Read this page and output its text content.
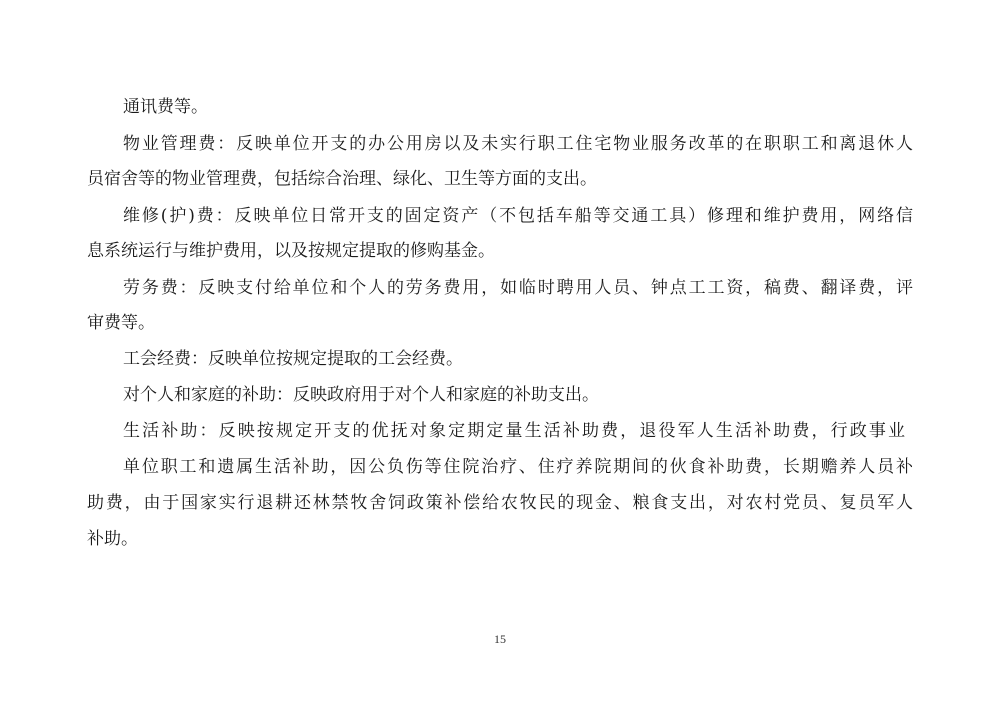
通讯费等。
物业管理费：反映单位开支的办公用房以及未实行职工住宅物业服务改革的在职职工和离退休人
员宿舍等的物业管理费，包括综合治理、绿化、卫生等方面的支出。
维修(护)费：反映单位日常开支的固定资产（不包括车船等交通工具）修理和维护费用，网络信
息系统运行与维护费用，以及按规定提取的修购基金。
劳务费：反映支付给单位和个人的劳务费用，如临时聘用人员、钟点工工资，稿费、翻译费，评
审费等。
工会经费：反映单位按规定提取的工会经费。
对个人和家庭的补助：反映政府用于对个人和家庭的补助支出。
生活补助：反映按规定开支的优抚对象定期定量生活补助费，退役军人生活补助费，行政事业
单位职工和遗属生活补助，因公负伤等住院治疗、住疗养院期间的伙食补助费，长期赡养人员补
助费，由于国家实行退耕还林禁牧舍饲政策补偿给农牧民的现金、粮食支出，对农村党员、复员军人
补助。
15
